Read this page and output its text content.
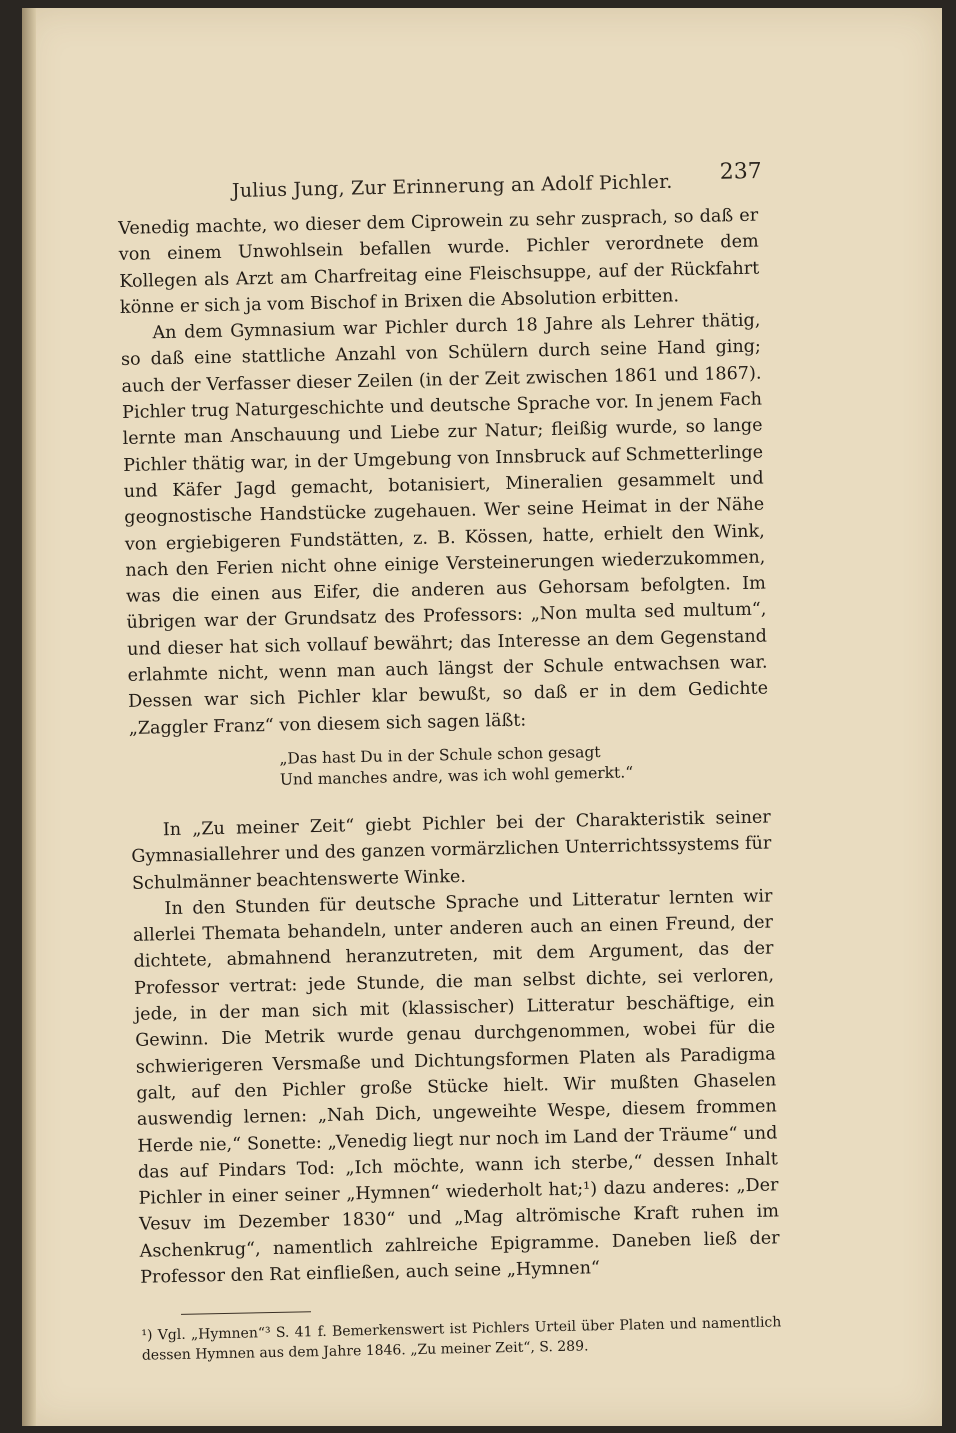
Julius Jung, Zur Erinnerung an Adolf Pichler. 237

Venedig machte, wo dieser dem Ciprowein zu sehr zusprach, so daß er von einem Unwohlsein befallen wurde. Pichler verordnete dem Kollegen als Arzt am Charfreitag eine Fleischsuppe, auf der Rückfahrt könne er sich ja vom Bischof in Brixen die Absolution erbitten.

An dem Gymnasium war Pichler durch 18 Jahre als Lehrer thätig, so daß eine stattliche Anzahl von Schülern durch seine Hand ging; auch der Verfasser dieser Zeilen (in der Zeit zwischen 1861 und 1867). Pichler trug Naturgeschichte und deutsche Sprache vor. In jenem Fach lernte man Anschauung und Liebe zur Natur; fleißig wurde, so lange Pichler thätig war, in der Umgebung von Innsbruck auf Schmetterlinge und Käfer Jagd gemacht, botanisiert, Mineralien gesammelt und geognostische Handstücke zugehauen. Wer seine Heimat in der Nähe von ergiebigeren Fundstätten, z. B. Kössen, hatte, erhielt den Wink, nach den Ferien nicht ohne einige Versteinerungen wiederzukommen, was die einen aus Eifer, die anderen aus Gehorsam befolgten. Im übrigen war der Grundsatz des Professors: „Non multa sed multum“, und dieser hat sich vollauf bewährt; das Interesse an dem Gegenstand erlahmte nicht, wenn man auch längst der Schule entwachsen war. Dessen war sich Pichler klar bewußt, so daß er in dem Gedichte „Zaggler Franz“ von diesem sich sagen läßt:

„Das hast Du in der Schule schon gesagt
Und manches andre, was ich wohl gemerkt.“

In „Zu meiner Zeit“ giebt Pichler bei der Charakteristik seiner Gymnasiallehrer und des ganzen vormärzlichen Unterrichtssystems für Schulmänner beachtenswerte Winke.

In den Stunden für deutsche Sprache und Litteratur lernten wir allerlei Themata behandeln, unter anderen auch an einen Freund, der dichtete, abmahnend heranzutreten, mit dem Argument, das der Professor vertrat: jede Stunde, die man selbst dichte, sei verloren, jede, in der man sich mit (klassischer) Litteratur beschäftige, ein Gewinn. Die Metrik wurde genau durchgenommen, wobei für die schwierigeren Versmaße und Dichtungsformen Platen als Paradigma galt, auf den Pichler große Stücke hielt. Wir mußten Ghaselen auswendig lernen: „Nah Dich, ungeweihte Wespe, diesem frommen Herde nie,“ Sonette: „Venedig liegt nur noch im Land der Träume“ und das auf Pindars Tod: „Ich möchte, wann ich sterbe,“ dessen Inhalt Pichler in einer seiner „Hymnen“ wiederholt hat;¹) dazu anderes: „Der Vesuv im Dezember 1830“ und „Mag altrömische Kraft ruhen im Aschenkrug“, namentlich zahlreiche Epigramme. Daneben ließ der Professor den Rat einfließen, auch seine „Hymnen“

¹) Vgl. „Hymnen“³ S. 41 f. Bemerkenswert ist Pichlers Urteil über Platen und namentlich dessen Hymnen aus dem Jahre 1846. „Zu meiner Zeit“, S. 289.
